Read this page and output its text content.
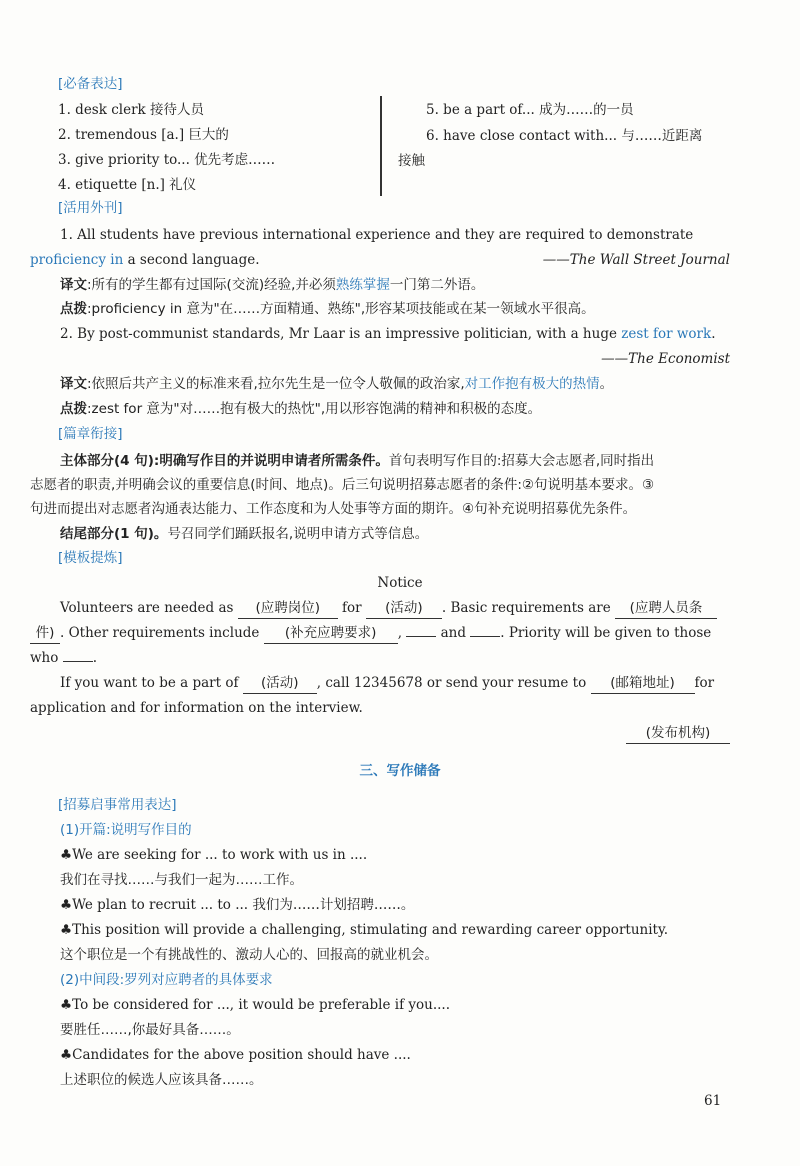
[必备表达]
1. desk clerk 接待人员
2. tremendous [a.] 巨大的
3. give priority to... 优先考虑……
4. etiquette [n.] 礼仪
5. be a part of... 成为……的一员
6. have close contact with... 与……近距离
接触
[活用外刊]
1. All students have previous international experience and they are required to demonstrate
proficiency in a second language.	——The Wall Street Journal
译文:所有的学生都有过国际(交流)经验,并必须熟练掌握一门第二外语。
点拨:proficiency in 意为"在……方面精通、熟练",形容某项技能或在某一领域水平很高。
2. By post-communist standards, Mr Laar is an impressive politician, with a huge zest for work.
——The Economist
译文:依照后共产主义的标准来看,拉尔先生是一位令人敬佩的政治家,对工作抱有极大的热情。
点拨:zest for 意为"对……抱有极大的热忱",用以形容饱满的精神和积极的态度。
[篇章衔接]
主体部分(4 句):明确写作目的并说明申请者所需条件。首句表明写作目的:招募大会志愿者,同时指出
志愿者的职责,并明确会议的重要信息(时间、地点)。后三句说明招募志愿者的条件:②句说明基本要求。③
句进而提出对志愿者沟通表达能力、工作态度和为人处事等方面的期许。④句补充说明招募优先条件。
结尾部分(1 句)。号召同学们踊跃报名,说明申请方式等信息。
[模板提炼]
Notice
Volunteers are needed as (应聘岗位) for (活动) . Basic requirements are (应聘人员条
件) . Other requirements include (补充应聘要求) ,	and	. Priority will be given to those
who	.
If you want to be a part of (活动) , call 12345678 or send your resume to (邮箱地址) for
application and for information on the interview.
(发布机构)
三、写作储备
[招募启事常用表达]
(1)开篇:说明写作目的
♣We are seeking for ... to work with us in ....
我们在寻找……与我们一起为……工作。
♣We plan to recruit ... to ... 我们为……计划招聘……。
♣This position will provide a challenging, stimulating and rewarding career opportunity.
这个职位是一个有挑战性的、激动人心的、回报高的就业机会。
(2)中间段:罗列对应聘者的具体要求
♣To be considered for ..., it would be preferable if you....
要胜任……,你最好具备……。
♣Candidates for the above position should have ....
上述职位的候选人应该具备……。
61
